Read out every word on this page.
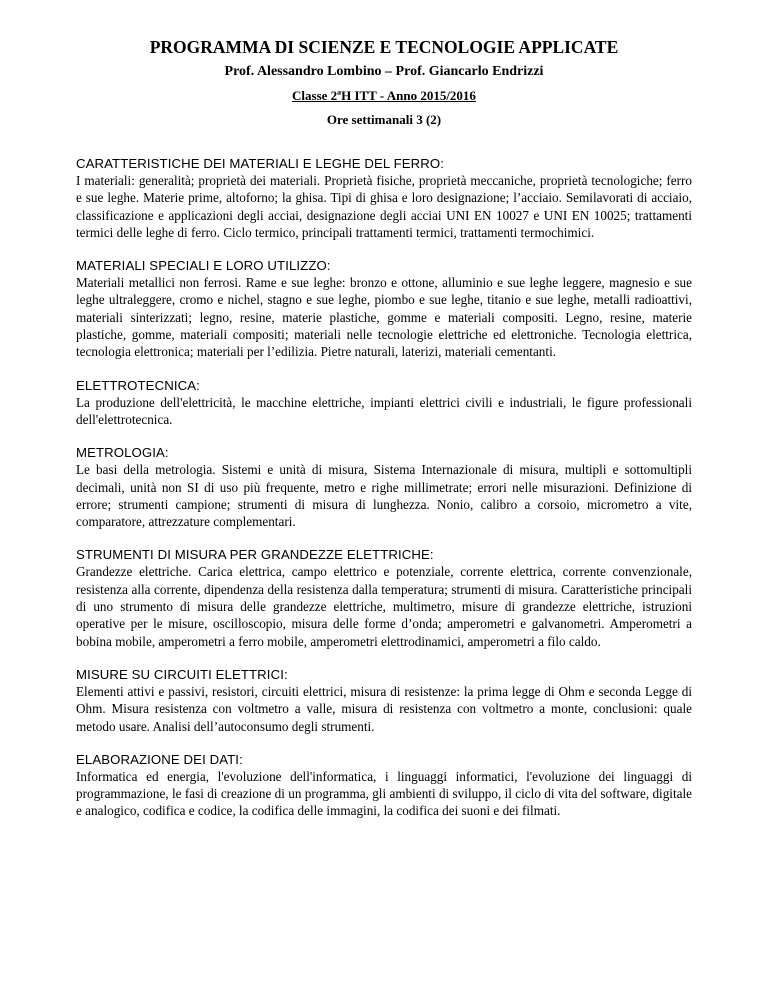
PROGRAMMA DI SCIENZE E TECNOLOGIE APPLICATE

Prof. Alessandro Lombino – Prof. Giancarlo Endrizzi

Classe 2ªH ITT - Anno 2015/2016

Ore settimanali 3 (2)

CARATTERISTICHE DEI MATERIALI E LEGHE DEL FERRO:

I materiali: generalità; proprietà dei materiali. Proprietà fisiche, proprietà meccaniche, proprietà tecnologiche; ferro e sue leghe. Materie prime, altoforno; la ghisa. Tipi di ghisa e loro designazione; l’acciaio. Semilavorati di acciaio, classificazione e applicazioni degli acciai, designazione degli acciai UNI EN 10027 e UNI EN 10025; trattamenti termici delle leghe di ferro. Ciclo termico, principali trattamenti termici, trattamenti termochimici.

MATERIALI SPECIALI E LORO UTILIZZO:

Materiali metallici non ferrosi. Rame e sue leghe: bronzo e ottone, alluminio e sue leghe leggere, magnesio e sue leghe ultraleggere, cromo e nichel, stagno e sue leghe, piombo e sue leghe, titanio e sue leghe, metalli radioattivi, materiali sinterizzati; legno, resine, materie plastiche, gomme e materiali compositi. Legno, resine, materie plastiche, gomme, materiali compositi; materiali nelle tecnologie elettriche ed elettroniche. Tecnologia elettrica, tecnologia elettronica; materiali per l’edilizia. Pietre naturali, laterizi, materiali cementanti.

ELETTROTECNICA:

La produzione dell'elettricità, le macchine elettriche, impianti elettrici civili e industriali, le figure professionali dell'elettrotecnica.

METROLOGIA:

Le basi della metrologia. Sistemi e unità di misura, Sistema Internazionale di misura, multipli e sottomultipli decimali, unità non SI di uso più frequente, metro e righe millimetrate; errori nelle misurazioni. Definizione di errore; strumenti campione; strumenti di misura di lunghezza. Nonio, calibro a corsoio, micrometro a vite, comparatore, attrezzature complementari.

STRUMENTI DI MISURA PER GRANDEZZE ELETTRICHE:

Grandezze elettriche. Carica elettrica, campo elettrico e potenziale, corrente elettrica, corrente convenzionale, resistenza alla corrente, dipendenza della resistenza dalla temperatura; strumenti di misura. Caratteristiche principali di uno strumento di misura delle grandezze elettriche, multimetro, misure di grandezze elettriche, istruzioni operative per le misure, oscilloscopio, misura delle forme d’onda; amperometri e galvanometri. Amperometri a bobina mobile, amperometri a ferro mobile, amperometri elettrodinamici, amperometri a filo caldo.

MISURE SU CIRCUITI ELETTRICI:

Elementi attivi e passivi, resistori, circuiti elettrici, misura di resistenze: la prima legge di Ohm e seconda Legge di Ohm. Misura resistenza con voltmetro a valle, misura di resistenza con voltmetro a monte, conclusioni: quale metodo usare. Analisi dell’autoconsumo degli strumenti.

ELABORAZIONE DEI DATI:

Informatica ed energia, l'evoluzione dell'informatica, i linguaggi informatici, l'evoluzione dei linguaggi di programmazione, le fasi di creazione di un programma, gli ambienti di sviluppo, il ciclo di vita del software, digitale e analogico, codifica e codice, la codifica delle immagini, la codifica dei suoni e dei filmati.
